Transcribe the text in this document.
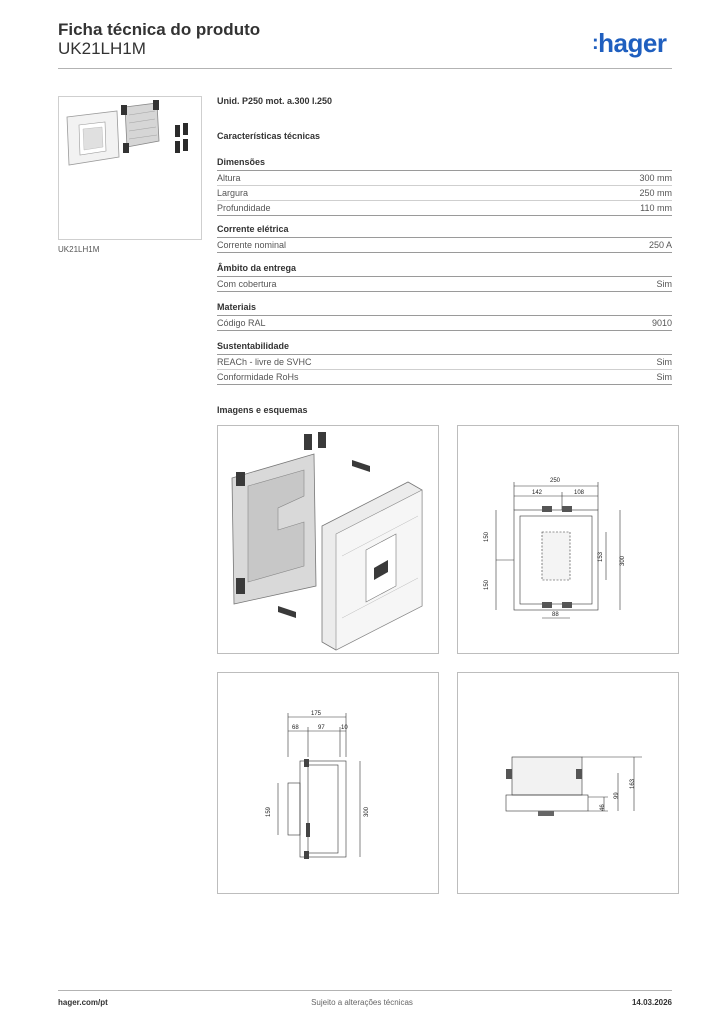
Ficha técnica do produto
UK21LH1M	:hager
UK21LH1M
Unid. P250 mot. a.300 l.250
Características técnicas
Dimensões
Altura	300 mm
Largura	250 mm
Profundidade	110 mm
Corrente elétrica
Corrente nominal	250 A
Âmbito da entrega
Com cobertura	Sim
Materiais
Código RAL	9010
Sustentabilidade
REACh - livre de SVHC	Sim
Conformidade RoHs	Sim
Imagens e esquemas
250
142	108
150
150
153	300
88
175
68	97	10
159	300	46
99
163
hager.com/pt	Sujeito a alterações técnicas	14.03.2026
